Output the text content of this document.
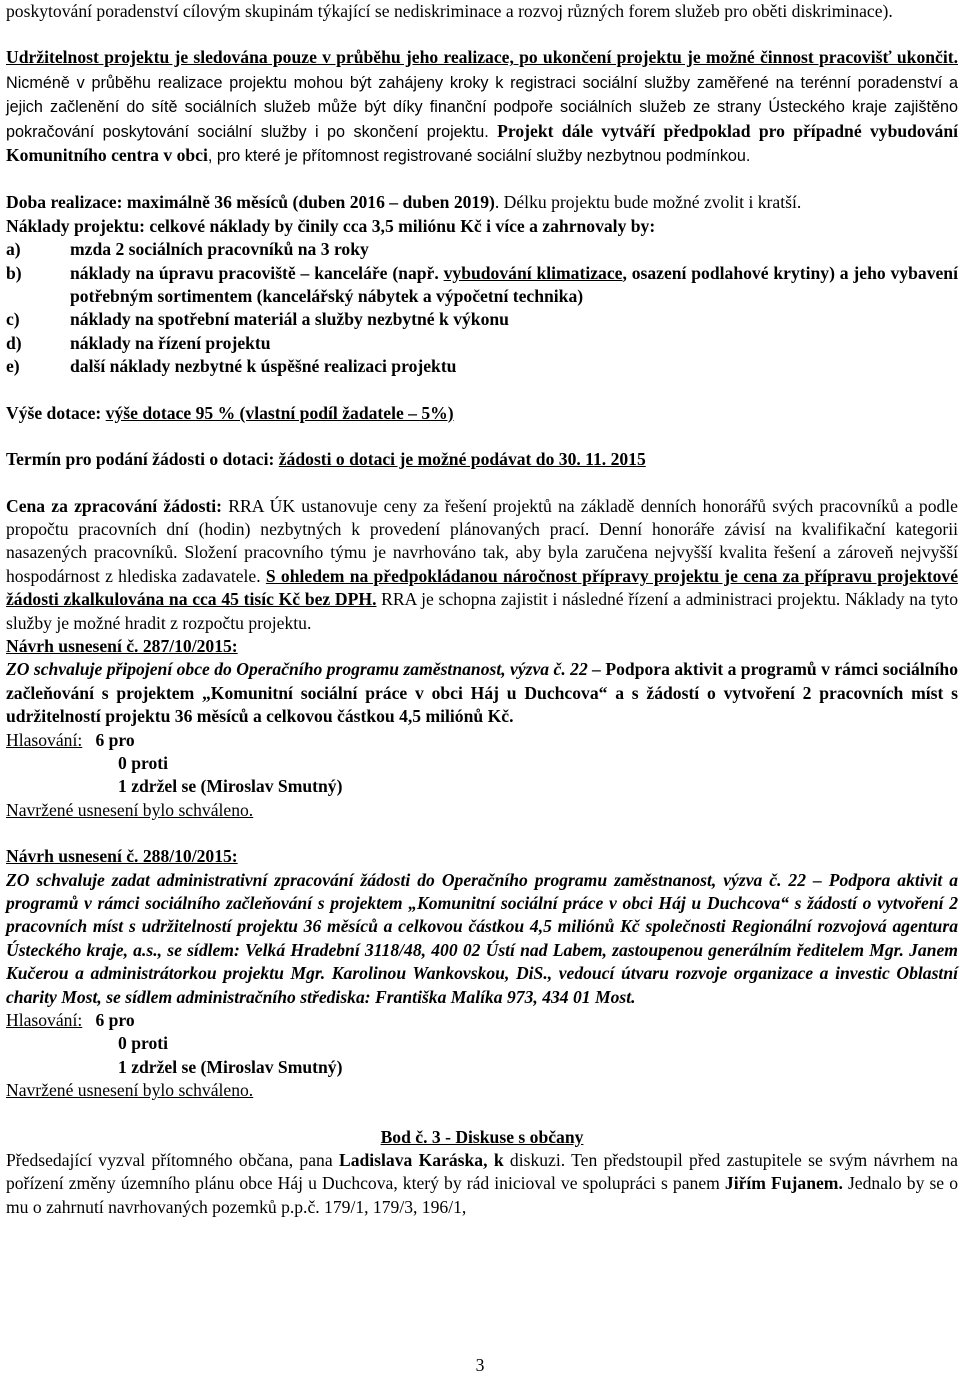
poskytování poradenství cílovým skupinám týkající se nediskriminace a rozvoj různých forem služeb pro oběti diskriminace).

Udržitelnost projektu je sledována pouze v průběhu jeho realizace, po ukončení projektu je možné činnost pracovišť ukončit. Nicméně v průběhu realizace projektu mohou být zahájeny kroky k registraci sociální služby zaměřené na terénní poradenství a jejich začlenění do sítě sociálních služeb může být díky finanční podpoře sociálních služeb ze strany Ústeckého kraje zajištěno pokračování poskytování sociální služby i po skončení projektu. Projekt dále vytváří předpoklad pro případné vybudování Komunitního centra v obci, pro které je přítomnost registrované sociální služby nezbytnou podmínkou.

Doba realizace: maximálně 36 měsíců (duben 2016 – duben 2019). Délku projektu bude možné zvolit i kratší.

Náklady projektu: celkové náklady by činily cca 3,5 miliónu Kč i více a zahrnovaly by:

a)	mzda 2 sociálních pracovníků na 3 roky
b)	náklady na úpravu pracoviště – kanceláře (např. vybudování klimatizace, osazení podlahové krytiny) a jeho vybavení potřebným sortimentem (kancelářský nábytek a výpočetní technika)
c)	náklady na spotřební materiál a služby nezbytné k výkonu
d)	náklady na řízení projektu
e)	další náklady nezbytné k úspěšné realizaci projektu

Výše dotace: výše dotace 95 % (vlastní podíl žadatele – 5%)

Termín pro podání žádosti o dotaci: žádosti o dotaci je možné podávat do 30. 11. 2015

Cena za zpracování žádosti: RRA ÚK ustanovuje ceny za řešení projektů na základě denních honorářů svých pracovníků a podle propočtu pracovních dní (hodin) nezbytných k provedení plánovaných prací. Denní honoráře závisí na kvalifikační kategorii nasazených pracovníků. Složení pracovního týmu je navrhováno tak, aby byla zaručena nejvyšší kvalita řešení a zároveň nejvyšší hospodárnost z hlediska zadavatele. S ohledem na předpokládanou náročnost přípravy projektu je cena za přípravu projektové žádosti zkalkulována na cca 45 tisíc Kč bez DPH. RRA je schopna zajistit i následné řízení a administraci projektu. Náklady na tyto služby je možné hradit z rozpočtu projektu.

Návrh usnesení č. 287/10/2015:

ZO schvaluje připojení obce do Operačního programu zaměstnanost, výzva č. 22 – Podpora aktivit a programů v rámci sociálního začleňování s projektem „Komunitní sociální práce v obci Háj u Duchcova“ a s žádostí o vytvoření 2 pracovních míst s udržitelností projektu 36 měsíců a celkovou částkou 4,5 miliónů Kč.

Hlasování: 6 pro

0 proti

1 zdržel se (Miroslav Smutný)

Navržené usnesení bylo schváleno.

Návrh usnesení č. 288/10/2015:

ZO schvaluje zadat administrativní zpracování žádosti do Operačního programu zaměstnanost, výzva č. 22 – Podpora aktivit a programů v rámci sociálního začleňování s projektem „Komunitní sociální práce v obci Háj u Duchcova“ s žádostí o vytvoření 2 pracovních míst s udržitelností projektu 36 měsíců a celkovou částkou 4,5 miliónů Kč společnosti Regionální rozvojová agentura Ústeckého kraje, a.s., se sídlem: Velká Hradební 3118/48, 400 02 Ústí nad Labem, zastoupenou generálním ředitelem Mgr. Janem Kučerou a administrátorkou projektu Mgr. Karolinou Wankovskou, DiS., vedoucí útvaru rozvoje organizace a investic Oblastní charity Most, se sídlem administračního střediska: Františka Malíka 973, 434 01 Most.

Hlasování: 6 pro

0 proti

1 zdržel se (Miroslav Smutný)

Navržené usnesení bylo schváleno.

Bod č. 3 - Diskuse s občany

Předsedající vyzval přítomného občana, pana Ladislava Karáska, k diskuzi. Ten předstoupil před zastupitele se svým návrhem na pořízení změny územního plánu obce Háj u Duchcova, který by rád inicioval ve spolupráci s panem Jiřím Fujanem. Jednalo by se o mu o zahrnutí navrhovaných pozemků p.p.č. 179/1, 179/3, 196/1,

3
